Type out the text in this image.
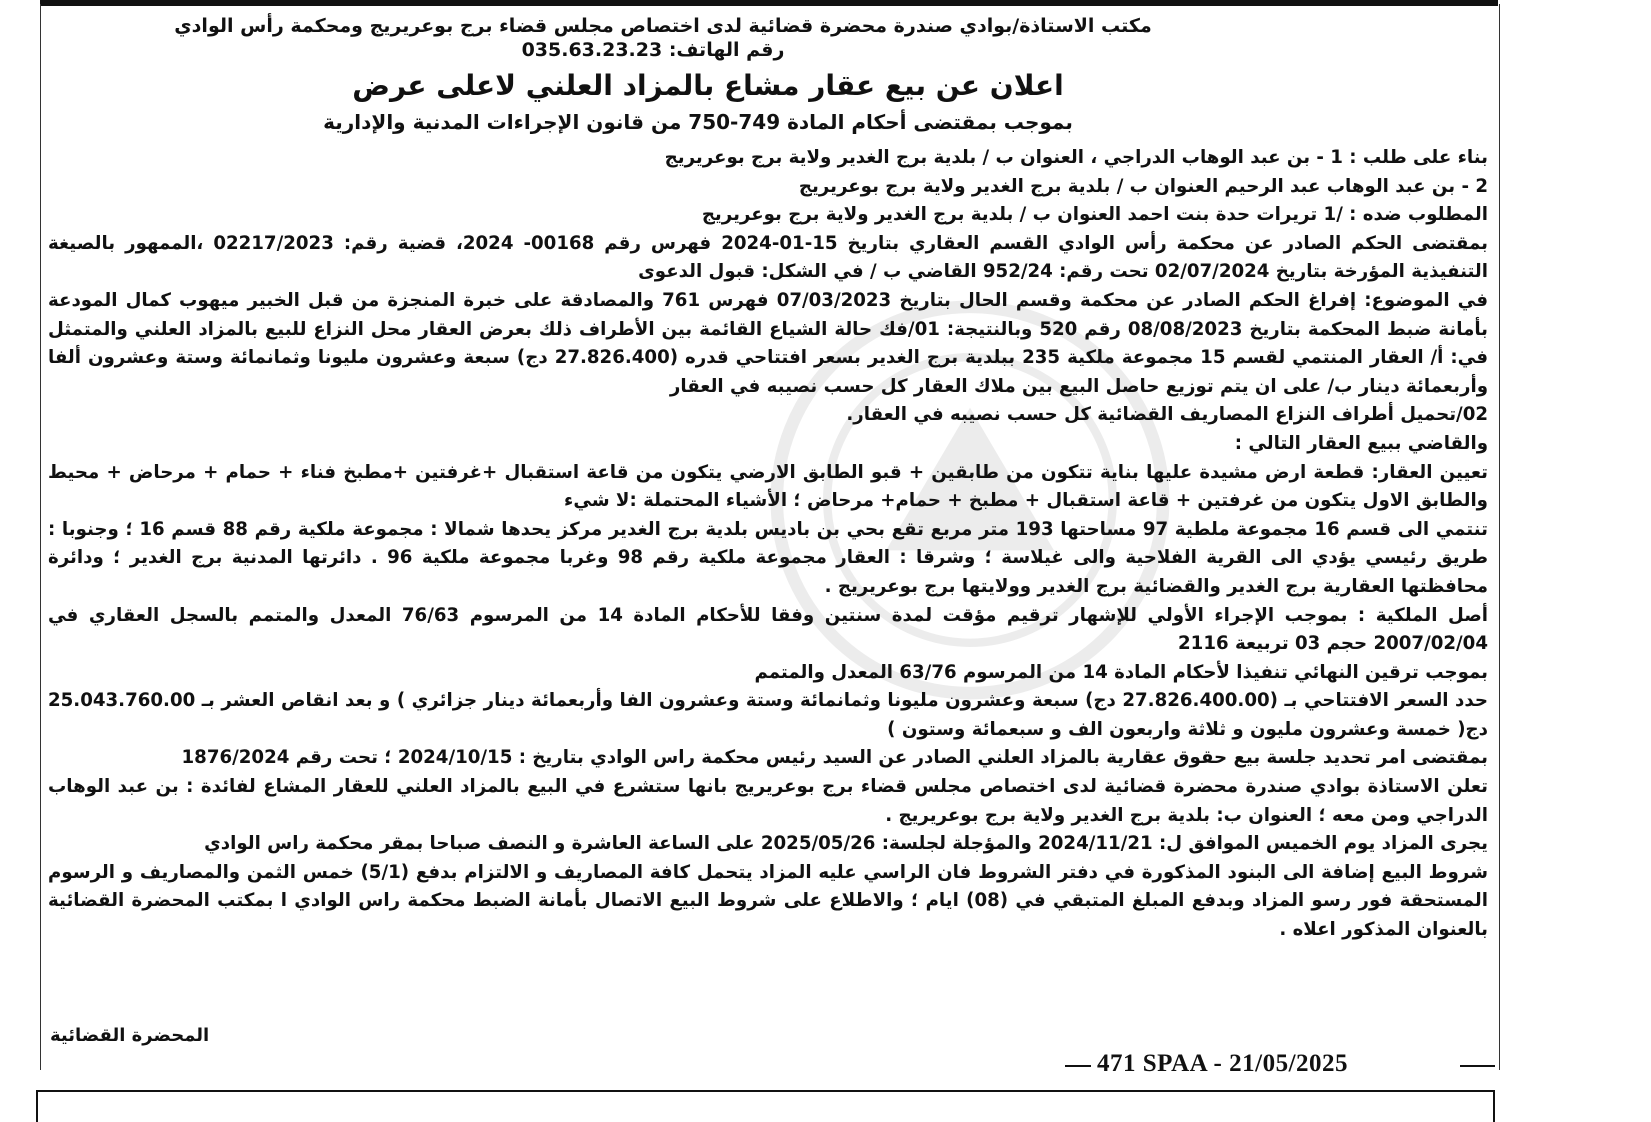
مكتب الاستاذة/بوادي صندرة محضرة قضائية لدى اختصاص مجلس قضاء برج بوعريريج ومحكمة رأس الوادي
رقم الهاتف: 035.63.23.23
اعلان عن بيع عقار مشاع بالمزاد العلني لاعلى عرض
بموجب بمقتضى أحكام المادة 749-750 من قانون الإجراءات المدنية والإدارية

بناء على طلب : 1 - بن عبد الوهاب الدراجي ، العنوان ب / بلدية برج الغدير ولاية برج بوعريريج

2 - بن عبد الوهاب عبد الرحيم العنوان ب / بلدية برج الغدير ولاية برج بوعريريج

المطلوب ضده : /1 تريرات حدة بنت احمد العنوان ب / بلدية برج الغدير ولاية برج بوعريريج

بمقتضى الحكم الصادر عن محكمة رأس الوادي القسم العقاري بتاريخ 15-01-2024 فهرس رقم 00168- 2024، قضية رقم: 02217/2023 ،الممهور بالصيغة التنفيذية المؤرخة بتاريخ 02/07/2024 تحت رقم: 952/24 القاضي ب / في الشكل: قبول الدعوى

في الموضوع: إفراغ الحكم الصادر عن محكمة وقسم الحال بتاريخ 07/03/2023 فهرس 761 والمصادقة على خبرة المنجزة من قبل الخبير ميهوب كمال المودعة بأمانة ضبط المحكمة بتاريخ 08/08/2023 رقم 520 وبالنتيجة: 01/فك حالة الشياع القائمة بين الأطراف ذلك بعرض العقار محل النزاع للبيع بالمزاد العلني والمتمثل في: أ/ العقار المنتمي لقسم 15 مجموعة ملكية 235 ببلدية برج الغدير بسعر افتتاحي قدره (27.826.400 دج) سبعة وعشرون مليونا وثمانمائة وستة وعشرون ألفا وأربعمائة دينار ب/ على ان يتم توزيع حاصل البيع بين ملاك العقار كل حسب نصيبه في العقار

02/تحميل أطراف النزاع المصاريف القضائية كل حسب نصيبه في العقار.

والقاضي ببيع العقار التالي :

تعيين العقار: قطعة ارض مشيدة عليها بناية تتكون من طابقين + قبو الطابق الارضي يتكون من قاعة استقبال +غرفتين +مطبخ فناء + حمام + مرحاض + محيط والطابق الاول يتكون من غرفتين + قاعة استقبال + مطبخ + حمام+ مرحاض ؛ الأشياء المحتملة :لا شيء

تنتمي الى قسم 16 مجموعة ملطية 97 مساحتها 193 متر مربع تقع بحي بن باديس بلدية برج الغدير مركز يحدها شمالا : مجموعة ملكية رقم 88 قسم 16 ؛ وجنوبا : طريق رئيسي يؤدي الى القرية الفلاحية والى غيلاسة ؛ وشرقا : العقار مجموعة ملكية رقم 98 وغربا مجموعة ملكية 96 . دائرتها المدنية برج الغدير ؛ ودائرة محافظتها العقارية برج الغدير والقضائية برج الغدير وولايتها برج بوعريريج .

أصل الملكية : بموجب الإجراء الأولي للإشهار ترقيم مؤقت لمدة سنتين وفقا للأحكام المادة 14 من المرسوم 76/63 المعدل والمتمم بالسجل العقاري في 2007/02/04 حجم 03 تربيعة 2116

بموجب ترقين النهائي تنفيذا لأحكام المادة 14 من المرسوم 63/76 المعدل والمتمم

حدد السعر الافتتاحي بـ (27.826.400.00 دج) سبعة وعشرون مليونا وثمانمائة وستة وعشرون الفا وأربعمائة دينار جزائري ) و بعد انقاص العشر بـ 25.043.760.00 دج( خمسة وعشرون مليون و ثلاثة واربعون الف و سبعمائة وستون )

بمقتضى امر تحديد جلسة بيع حقوق عقارية بالمزاد العلني الصادر عن السيد رئيس محكمة راس الوادي بتاريخ : 2024/10/15 ؛ تحت رقم 1876/2024

تعلن الاستاذة بوادي صندرة محضرة قضائية لدى اختصاص مجلس قضاء برج بوعريريج بانها ستشرع في البيع بالمزاد العلني للعقار المشاع لفائدة : بن عبد الوهاب الدراجي ومن معه ؛ العنوان ب: بلدية برج الغدير ولاية برج بوعريريج .

يجرى المزاد يوم الخميس الموافق ل: 2024/11/21 والمؤجلة لجلسة: 2025/05/26 على الساعة العاشرة و النصف صباحا بمقر محكمة راس الوادي

شروط البيع إضافة الى البنود المذكورة في دفتر الشروط فان الراسي عليه المزاد يتحمل كافة المصاريف و الالتزام بدفع (5/1) خمس الثمن والمصاريف و الرسوم المستحقة فور رسو المزاد وبدفع المبلغ المتبقي في (08) ايام ؛ والاطلاع على شروط البيع الاتصال بأمانة الضبط محكمة راس الوادي ا بمكتب المحضرة القضائية بالعنوان المذكور اعلاه .

المحضرة القضائية
471 SPAA - 21/05/2025
